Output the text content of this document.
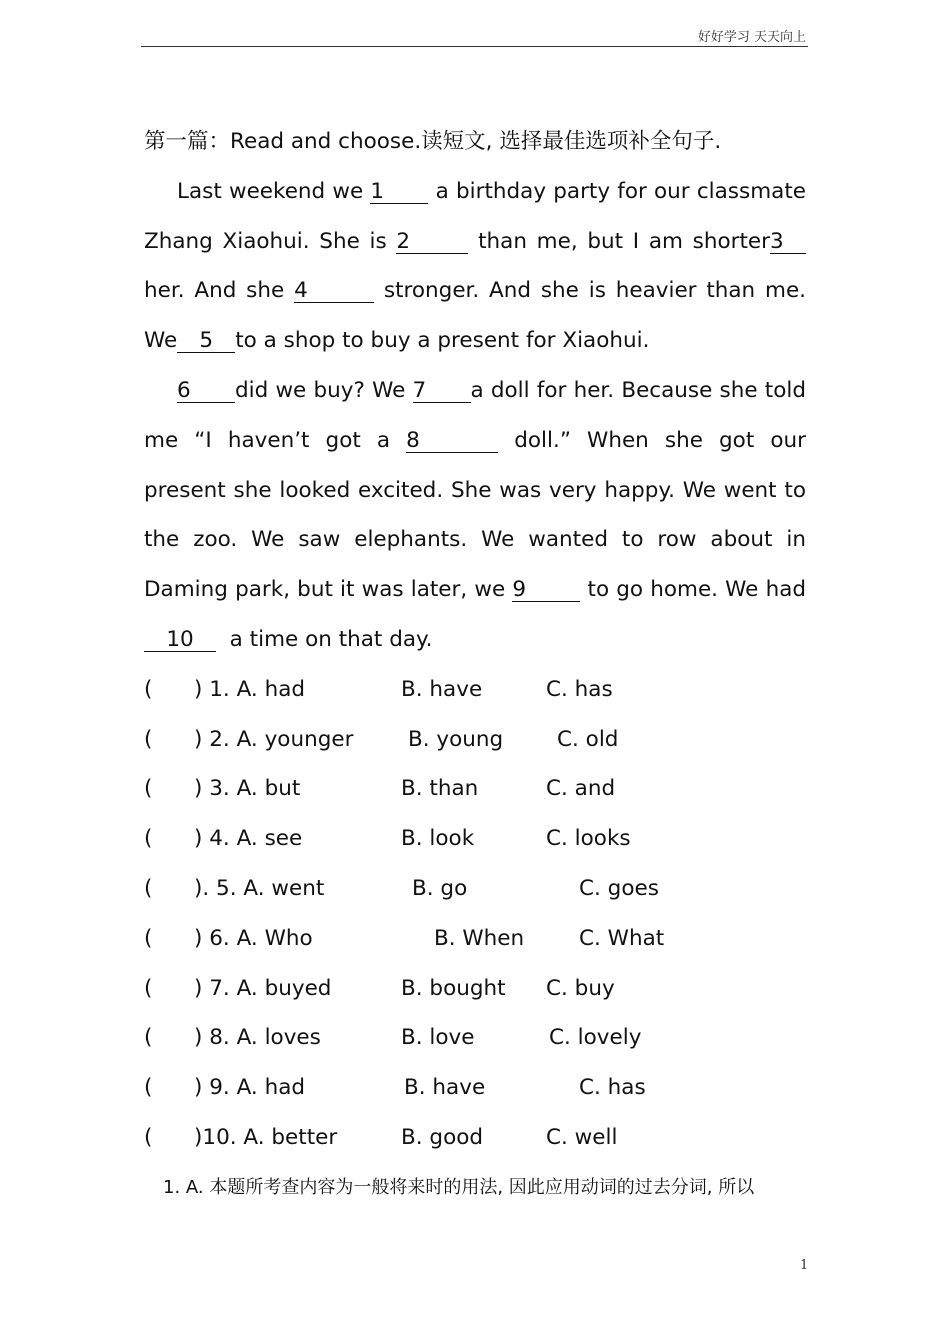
好好学习 天天向上
第一篇：Read and choose.读短文, 选择最佳选项补全句子.
Last weekend we 1 a birthday party for our classmate
Zhang Xiaohui. She is 2	than me, but I am shorter3
her. And she 4	stronger. And she is heavier than me.
We 5 to a shop to buy a present for Xiaohui.
6 did we buy? We 7 a doll for her. Because she told
me “I haven’t got a 8	doll.” When she got our
present she looked excited. She was very happy. We went to
the zoo. We saw elephants. We wanted to row about in
Daming park, but it was later, we 9	to go home. We had
10 a time on that day.
( ) 1. A. had	B. have	C. has
( ) 2. A. younger	B. young	C. old
( ) 3. A. but	B. than	C. and
( ) 4. A. see	B. look	C. looks
( ). 5. A. went	B. go	C. goes
( ) 6. A. Who	B. When	C. What
( ) 7. A. buyed	B. bought C. buy
( ) 8. A. loves	B. love	C. lovely
( ) 9. A. had	B. have	C. has
( )10. A. better	B. good	C. well
1. A. 本题所考查内容为一般将来时的用法, 因此应用动词的过去分词, 所以
1
